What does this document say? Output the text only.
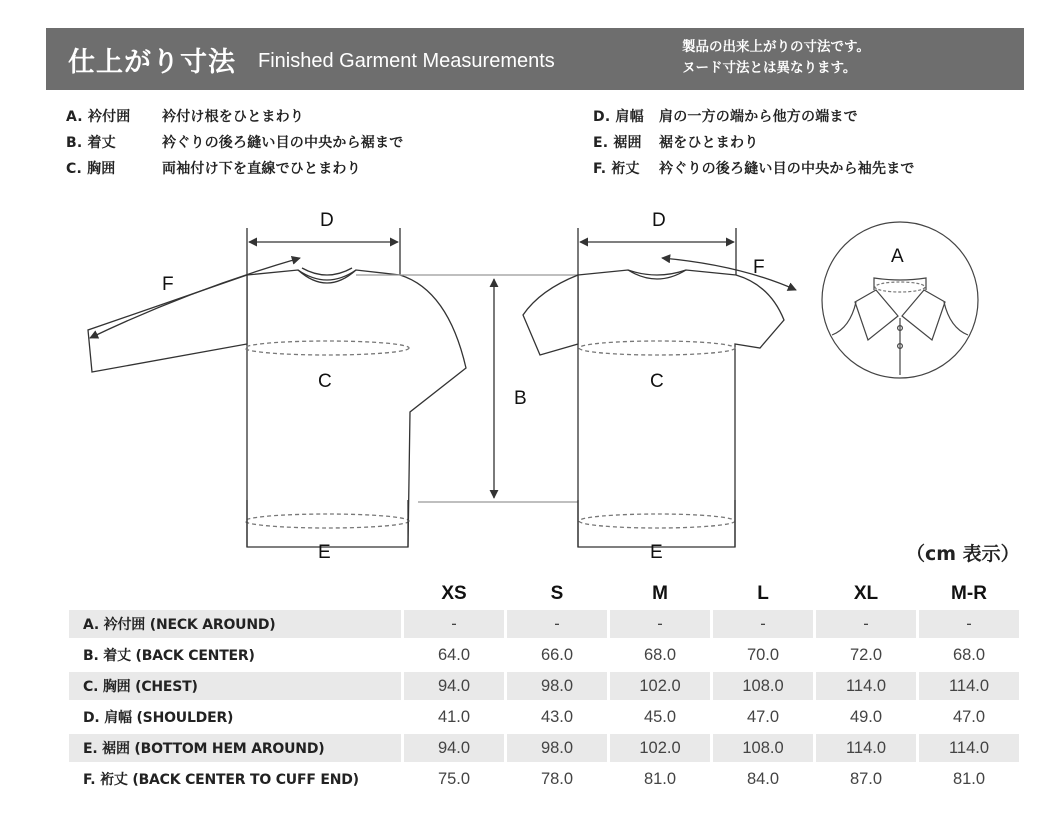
仕上がり寸法 Finished Garment Measurements
製品の出来上がりの寸法です。
ヌード寸法とは異なります。
A. 衿付囲 衿付け根をひとまわり
B. 着丈	衿ぐりの後ろ縫い目の中央から裾まで
C. 胸囲	両袖付け下を直線でひとまわり
D. 肩幅 肩の一方の端から他方の端まで
E. 裾囲 裾をひとまわり
F. 裄丈 衿ぐりの後ろ縫い目の中央から袖先まで
D
F
C
B
E
D
F
C
E
A
（cm 表示）
	XS	S	M	L	XL	M-R
A. 衿付囲 (NECK AROUND)	-	-	-	-	-	-
B. 着丈 (BACK CENTER)	64.0	66.0	68.0	70.0	72.0	68.0
C. 胸囲 (CHEST)	94.0	98.0	102.0	108.0	114.0	114.0
D. 肩幅 (SHOULDER)	41.0	43.0	45.0	47.0	49.0	47.0
E. 裾囲 (BOTTOM HEM AROUND)	94.0	98.0	102.0	108.0	114.0	114.0
F. 裄丈 (BACK CENTER TO CUFF END)	75.0	78.0	81.0	84.0	87.0	81.0
